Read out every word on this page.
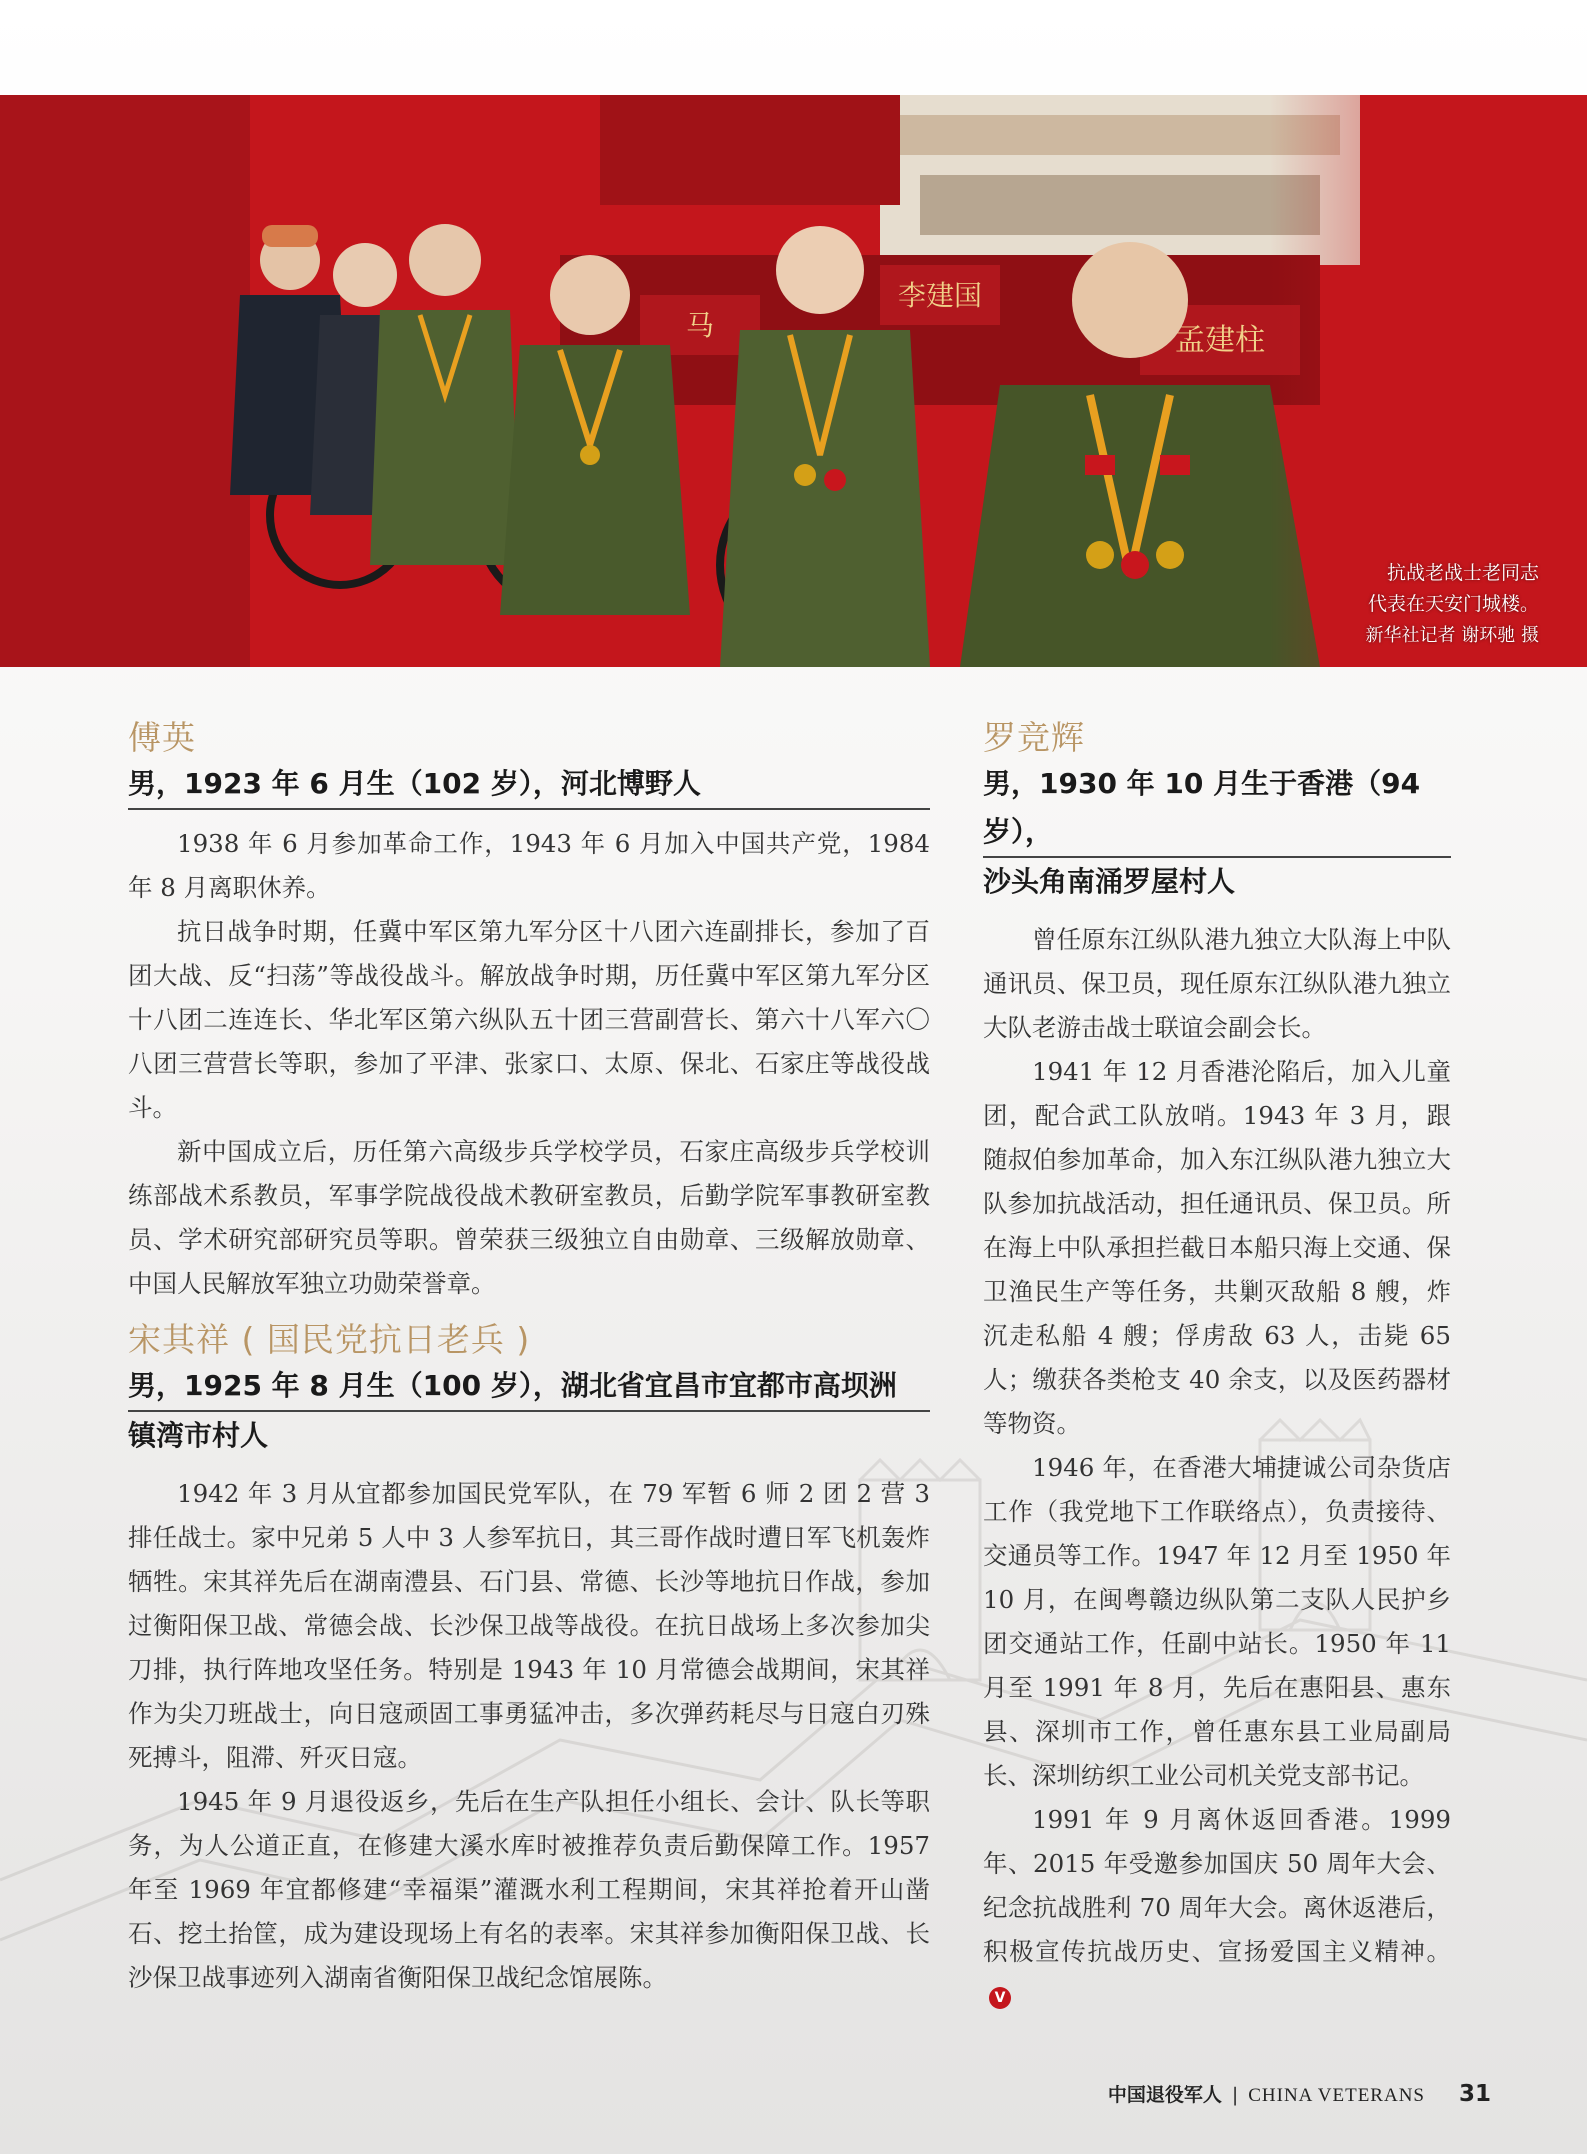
抗战老战士老同志
代表在天安门城楼。
新华社记者 谢环驰 摄
傅英
男，1923 年 6 月生（102 岁），河北博野人

1938 年 6 月参加革命工作，1943 年 6 月加入中国共产党，1984 年 8 月离职休养。

抗日战争时期，任冀中军区第九军分区十八团六连副排长，参加了百团大战、反“扫荡”等战役战斗。解放战争时期，历任冀中军区第九军分区十八团二连连长、华北军区第六纵队五十团三营副营长、第六十八军六〇八团三营营长等职，参加了平津、张家口、太原、保北、石家庄等战役战斗。

新中国成立后，历任第六高级步兵学校学员，石家庄高级步兵学校训练部战术系教员，军事学院战役战术教研室教员，后勤学院军事教研室教员、学术研究部研究员等职。曾荣获三级独立自由勋章、三级解放勋章、中国人民解放军独立功勋荣誉章。

宋其祥 ( 国民党抗日老兵 )
男，1925 年 8 月生（100 岁），湖北省宜昌市宜都市高坝洲
镇湾市村人

1942 年 3 月从宜都参加国民党军队，在 79 军暂 6 师 2 团 2 营 3 排任战士。家中兄弟 5 人中 3 人参军抗日，其三哥作战时遭日军飞机轰炸牺牲。宋其祥先后在湖南澧县、石门县、常德、长沙等地抗日作战，参加过衡阳保卫战、常德会战、长沙保卫战等战役。在抗日战场上多次参加尖刀排，执行阵地攻坚任务。特别是 1943 年 10 月常德会战期间，宋其祥作为尖刀班战士，向日寇顽固工事勇猛冲击，多次弹药耗尽与日寇白刃殊死搏斗，阻滞、歼灭日寇。

1945 年 9 月退役返乡，先后在生产队担任小组长、会计、队长等职务，为人公道正直，在修建大溪水库时被推荐负责后勤保障工作。1957 年至 1969 年宜都修建“幸福渠”灌溉水利工程期间，宋其祥抢着开山凿石、挖土抬筐，成为建设现场上有名的表率。宋其祥参加衡阳保卫战、长沙保卫战事迹列入湖南省衡阳保卫战纪念馆展陈。

罗竞辉
男，1930 年 10 月生于香港（94 岁），
沙头角南涌罗屋村人

曾任原东江纵队港九独立大队海上中队通讯员、保卫员，现任原东江纵队港九独立大队老游击战士联谊会副会长。

1941 年 12 月香港沦陷后，加入儿童团，配合武工队放哨。1943 年 3 月，跟随叔伯参加革命，加入东江纵队港九独立大队参加抗战活动，担任通讯员、保卫员。所在海上中队承担拦截日本船只海上交通、保卫渔民生产等任务，共剿灭敌船 8 艘，炸沉走私船 4 艘；俘虏敌 63 人，击毙 65 人；缴获各类枪支 40 余支，以及医药器材等物资。

1946 年，在香港大埔捷诚公司杂货店工作（我党地下工作联络点），负责接待、交通员等工作。1947 年 12 月至 1950 年 10 月，在闽粤赣边纵队第二支队人民护乡团交通站工作，任副中站长。1950 年 11 月至 1991 年 8 月，先后在惠阳县、惠东县、深圳市工作，曾任惠东县工业局副局长、深圳纺织工业公司机关党支部书记。

1991 年 9 月离休返回香港。1999 年、2015 年受邀参加国庆 50 周年大会、纪念抗战胜利 70 周年大会。离休返港后，积极宣传抗战历史、宣扬爱国主义精神。V

中国退役军人 | CHINA VETERANS 31
